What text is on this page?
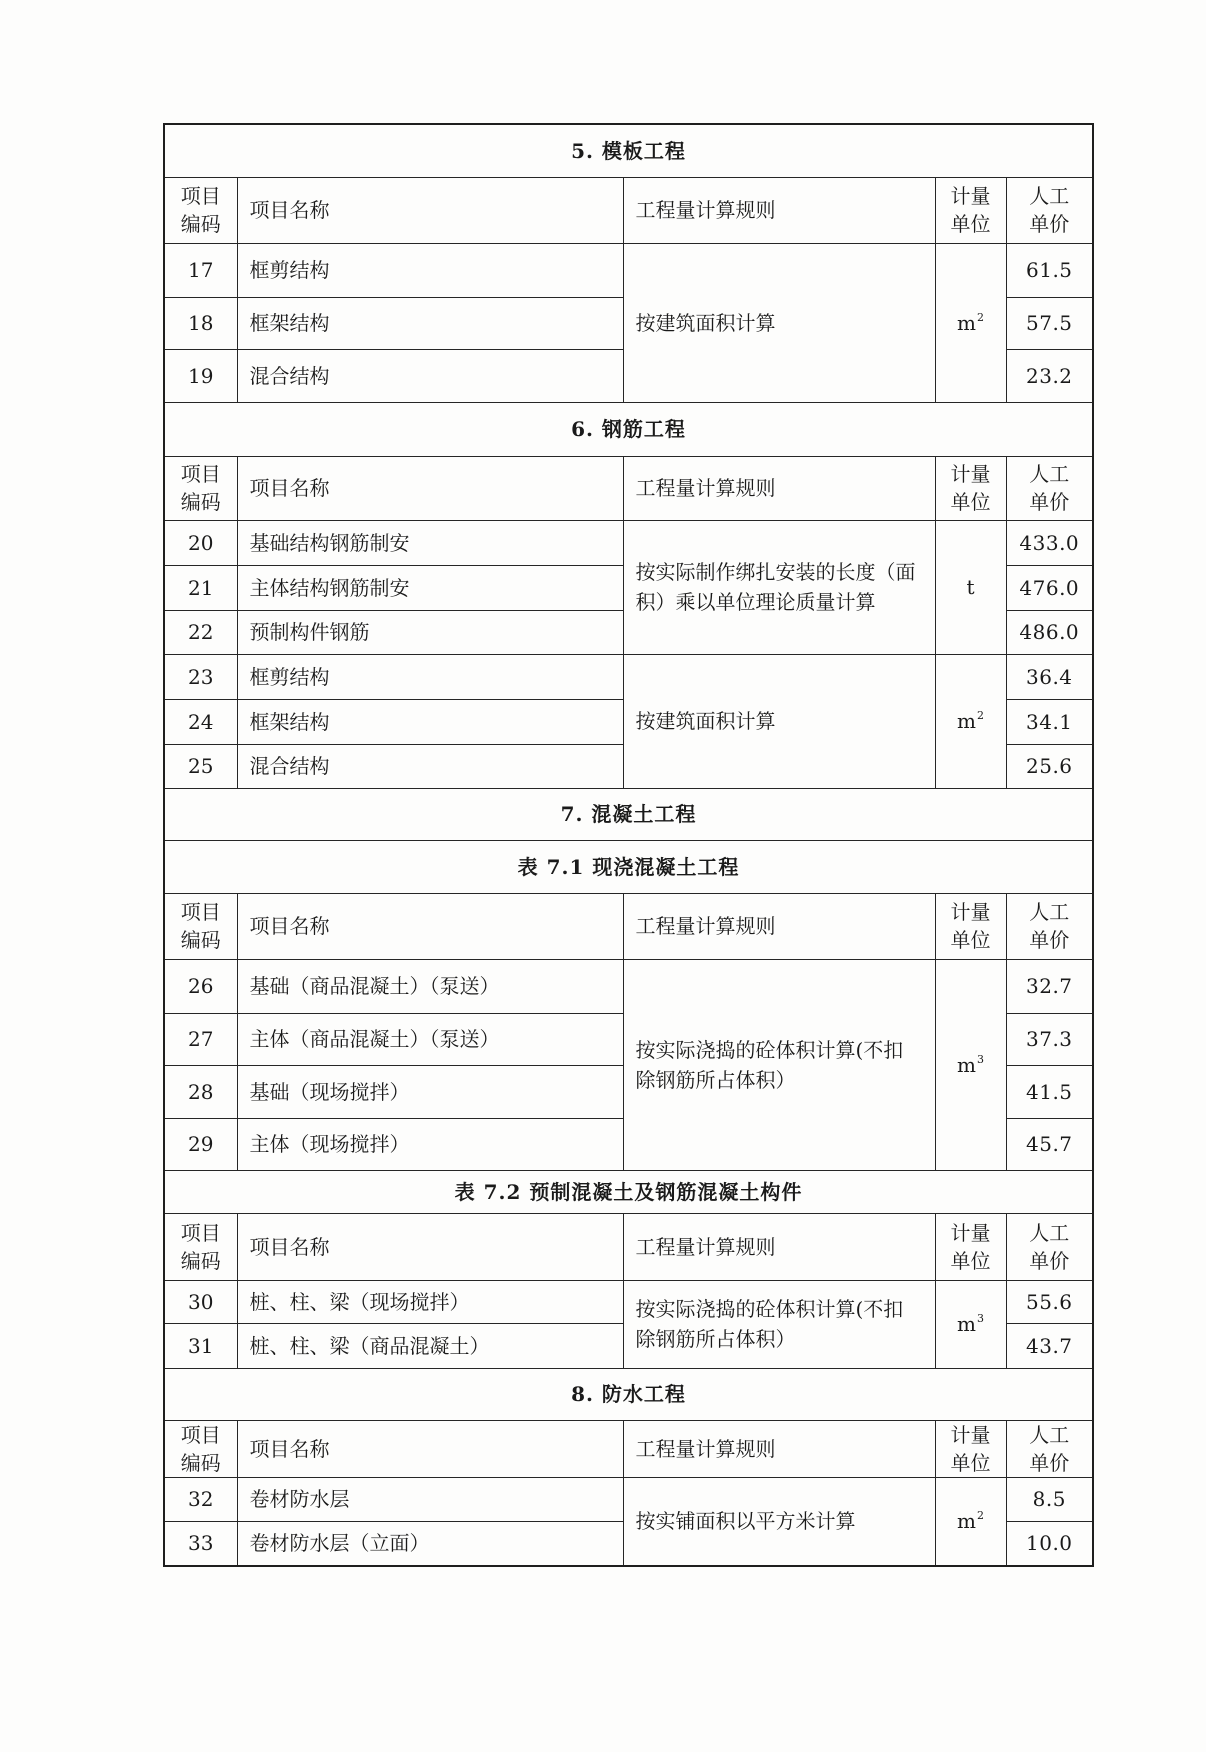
5. 模板工程				
项目编码	项目名称	工程量计算规则	计量单位	人工单价
17	框剪结构	按建筑面积计算	$m^2$	61.5
18	框架结构			57.5
19	混合结构			23.2
6. 钢筋工程				
项目编码	项目名称	工程量计算规则	计量单位	人工单价
20	基础结构钢筋制安	按实际制作绑扎安装的长度（面积）乘以单位理论质量计算	t	433.0
21	主体结构钢筋制安			476.0
22	预制构件钢筋			486.0
23	框剪结构	按建筑面积计算	$m^2$	36.4
24	框架结构			34.1
25	混合结构			25.6
7. 混凝土工程				
表 7.1 现浇混凝土工程				
项目编码	项目名称	工程量计算规则	计量单位	人工单价
26	基础（商品混凝土）（泵送）	按实际浇捣的砼体积计算(不扣除钢筋所占体积）	$m^3$	32.7
27	主体（商品混凝土）（泵送）			37.3
28	基础（现场搅拌）			41.5
29	主体（现场搅拌）			45.7
表 7.2 预制混凝土及钢筋混凝土构件				
项目编码	项目名称	工程量计算规则	计量单位	人工单价
30	桩、柱、梁（现场搅拌）	按实际浇捣的砼体积计算(不扣除钢筋所占体积）	$m^3$	55.6
31	桩、柱、梁（商品混凝土）			43.7
8. 防水工程				
项目编码	项目名称	工程量计算规则	计量单位	人工单价
32	卷材防水层	按实铺面积以平方米计算	$m^2$	8.5
33	卷材防水层（立面）			10.0
